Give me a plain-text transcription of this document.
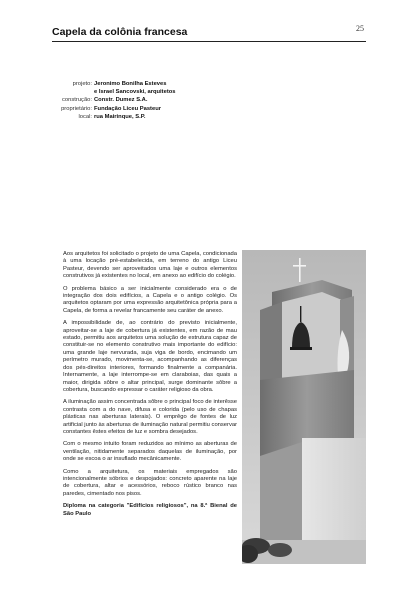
Capela da colônia francesa	25
projeto: Jeronimo Bonilha Esteves
e Israel Sancovski, arquitetos
construção: Constr. Dumez S.A.
proprietário: Fundação Liceu Pasteur
local: rua Mairinque, S.P.

Aos arquitetos foi solicitado o projeto de uma Capela, condicionada à uma locação pré-estabelecida, em terreno do antigo Liceu Pasteur, devendo ser aproveitados uma laje e outros elementos construtivos já existentes no local, em anexo ao edifício do colégio.

O problema básico a ser inicialmente considerado era o de integração dos dois edifícios, a Capela e o antigo colégio. Os arquitetos optaram por uma expressão arquitetônica própria para a Capela, de forma a revelar francamente seu caráter de anexo.

A impossibilidade de, ao contrário do previsto inicialmente, aproveitar-se a laje de cobertura já existentes, em razão de mau estado, permitiu aos arquitetos uma solução de estrutura capaz de constituir-se no elemento construtivo mais importante do edifício: uma grande laje nervurada, suja viga de bordo, encimando um perímetro murado, movimenta-se, acompanhando as diferenças dos pés-direitos interiores, formando finalmente a companária. Internamente, a laje interrompe-se em claraboias, das quais a maior, dirigida sôbre o altar principal, surge dominante sôbre a cobertura, buscando expressar o caráter religioso da obra.

A iluminação assim concentrada sôbre o principal foco de interêsse contrasta com a do nave, difusa e colorida (pelo uso de chapas plásticas nas aberturas laterais). O emprêgo de fontes de luz artificial junto às aberturas de iluminação natural permitiu conservar constantes êstes efeitos de luz e sombra desejados.

Com o mesmo intuito foram reduzidos ao mínimo as aberturas de ventilação, nitidamente separados daquelas de iluminação, por onde se escoa o ar insuflado mecânicamente.

Como a arquitetura, os materiais empregados são intencionalmente sóbrios e despojados: concreto aparente na laje de cobertura, altar e acessórios, reboco rústico branco nas paredes, cimentado nos pisos.

Diploma na categoria "Edifícios religiosos", na 8.ª Bienal de São Paulo
